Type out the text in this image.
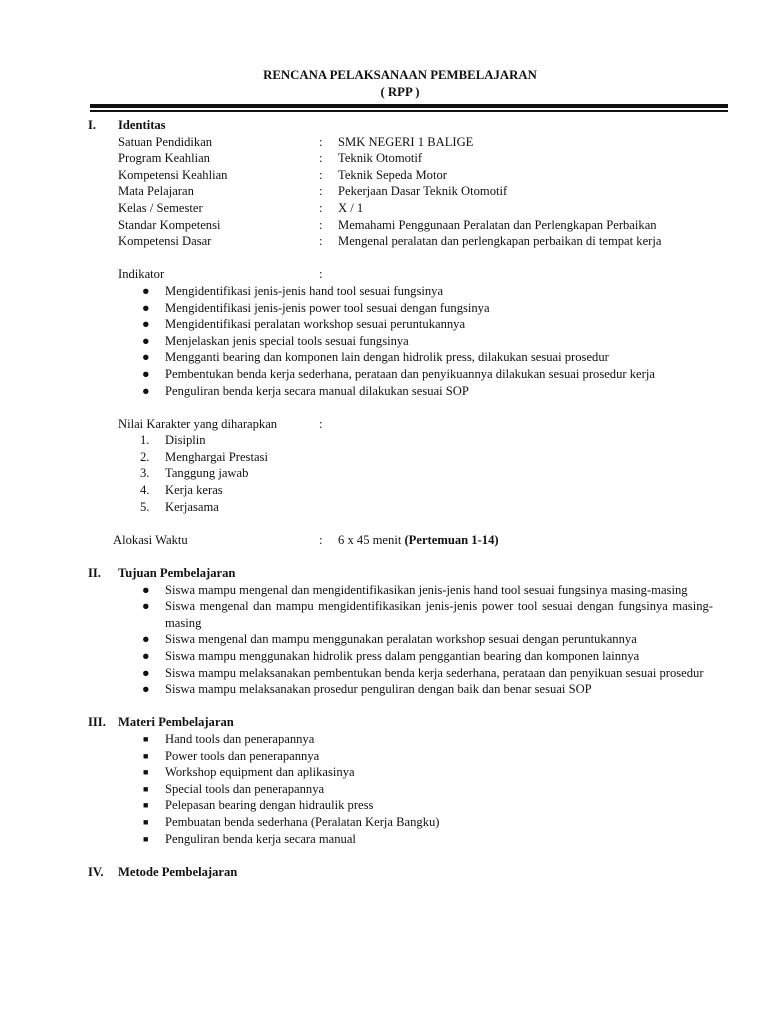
RENCANA PELAKSANAAN PEMBELAJARAN
( RPP )
I. Identitas
Satuan Pendidikan	: SMK NEGERI 1 BALIGE
Program Keahlian	: Teknik Otomotif
Kompetensi Keahlian	: Teknik Sepeda Motor
Mata Pelajaran	: Pekerjaan Dasar Teknik Otomotif
Kelas / Semester	: X / 1
Standar Kompetensi	: Memahami Penggunaan Peralatan dan Perlengkapan Perbaikan
Kompetensi Dasar	: Mengenal peralatan dan perlengkapan perbaikan di tempat kerja
Indikator	:
● Mengidentifikasi jenis-jenis hand tool sesuai fungsinya
● Mengidentifikasi jenis-jenis power tool sesuai dengan fungsinya
● Mengidentifikasi peralatan workshop sesuai peruntukannya
● Menjelaskan jenis special tools sesuai fungsinya
● Mengganti bearing dan komponen lain dengan hidrolik press, dilakukan sesuai prosedur
● Pembentukan benda kerja sederhana, perataan dan penyikuannya dilakukan sesuai prosedur kerja
● Penguliran benda kerja secara manual dilakukan sesuai SOP
Nilai Karakter yang diharapkan	:
1. Disiplin
2. Menghargai Prestasi
3. Tanggung jawab
4. Kerja keras
5. Kerjasama
Alokasi Waktu	: 6 x 45 menit (Pertemuan 1-14)
II. Tujuan Pembelajaran
● Siswa mampu mengenal dan mengidentifikasikan jenis-jenis hand tool sesuai fungsinya masing-masing
● Siswa mengenal dan mampu mengidentifikasikan jenis-jenis power tool sesuai dengan fungsinya masing-masing
● Siswa mengenal dan mampu menggunakan peralatan workshop sesuai dengan peruntukannya
● Siswa mampu menggunakan hidrolik press dalam penggantian bearing dan komponen lainnya
● Siswa mampu melaksanakan pembentukan benda kerja sederhana, perataan dan penyikuan sesuai prosedur
● Siswa mampu melaksanakan prosedur penguliran dengan baik dan benar sesuai SOP
III. Materi Pembelajaran
■ Hand tools dan penerapannya
■ Power tools dan penerapannya
■ Workshop equipment dan aplikasinya
■ Special tools dan penerapannya
■ Pelepasan bearing dengan hidraulik press
■ Pembuatan benda sederhana (Peralatan Kerja Bangku)
■ Penguliran benda kerja secara manual
IV. Metode Pembelajaran
